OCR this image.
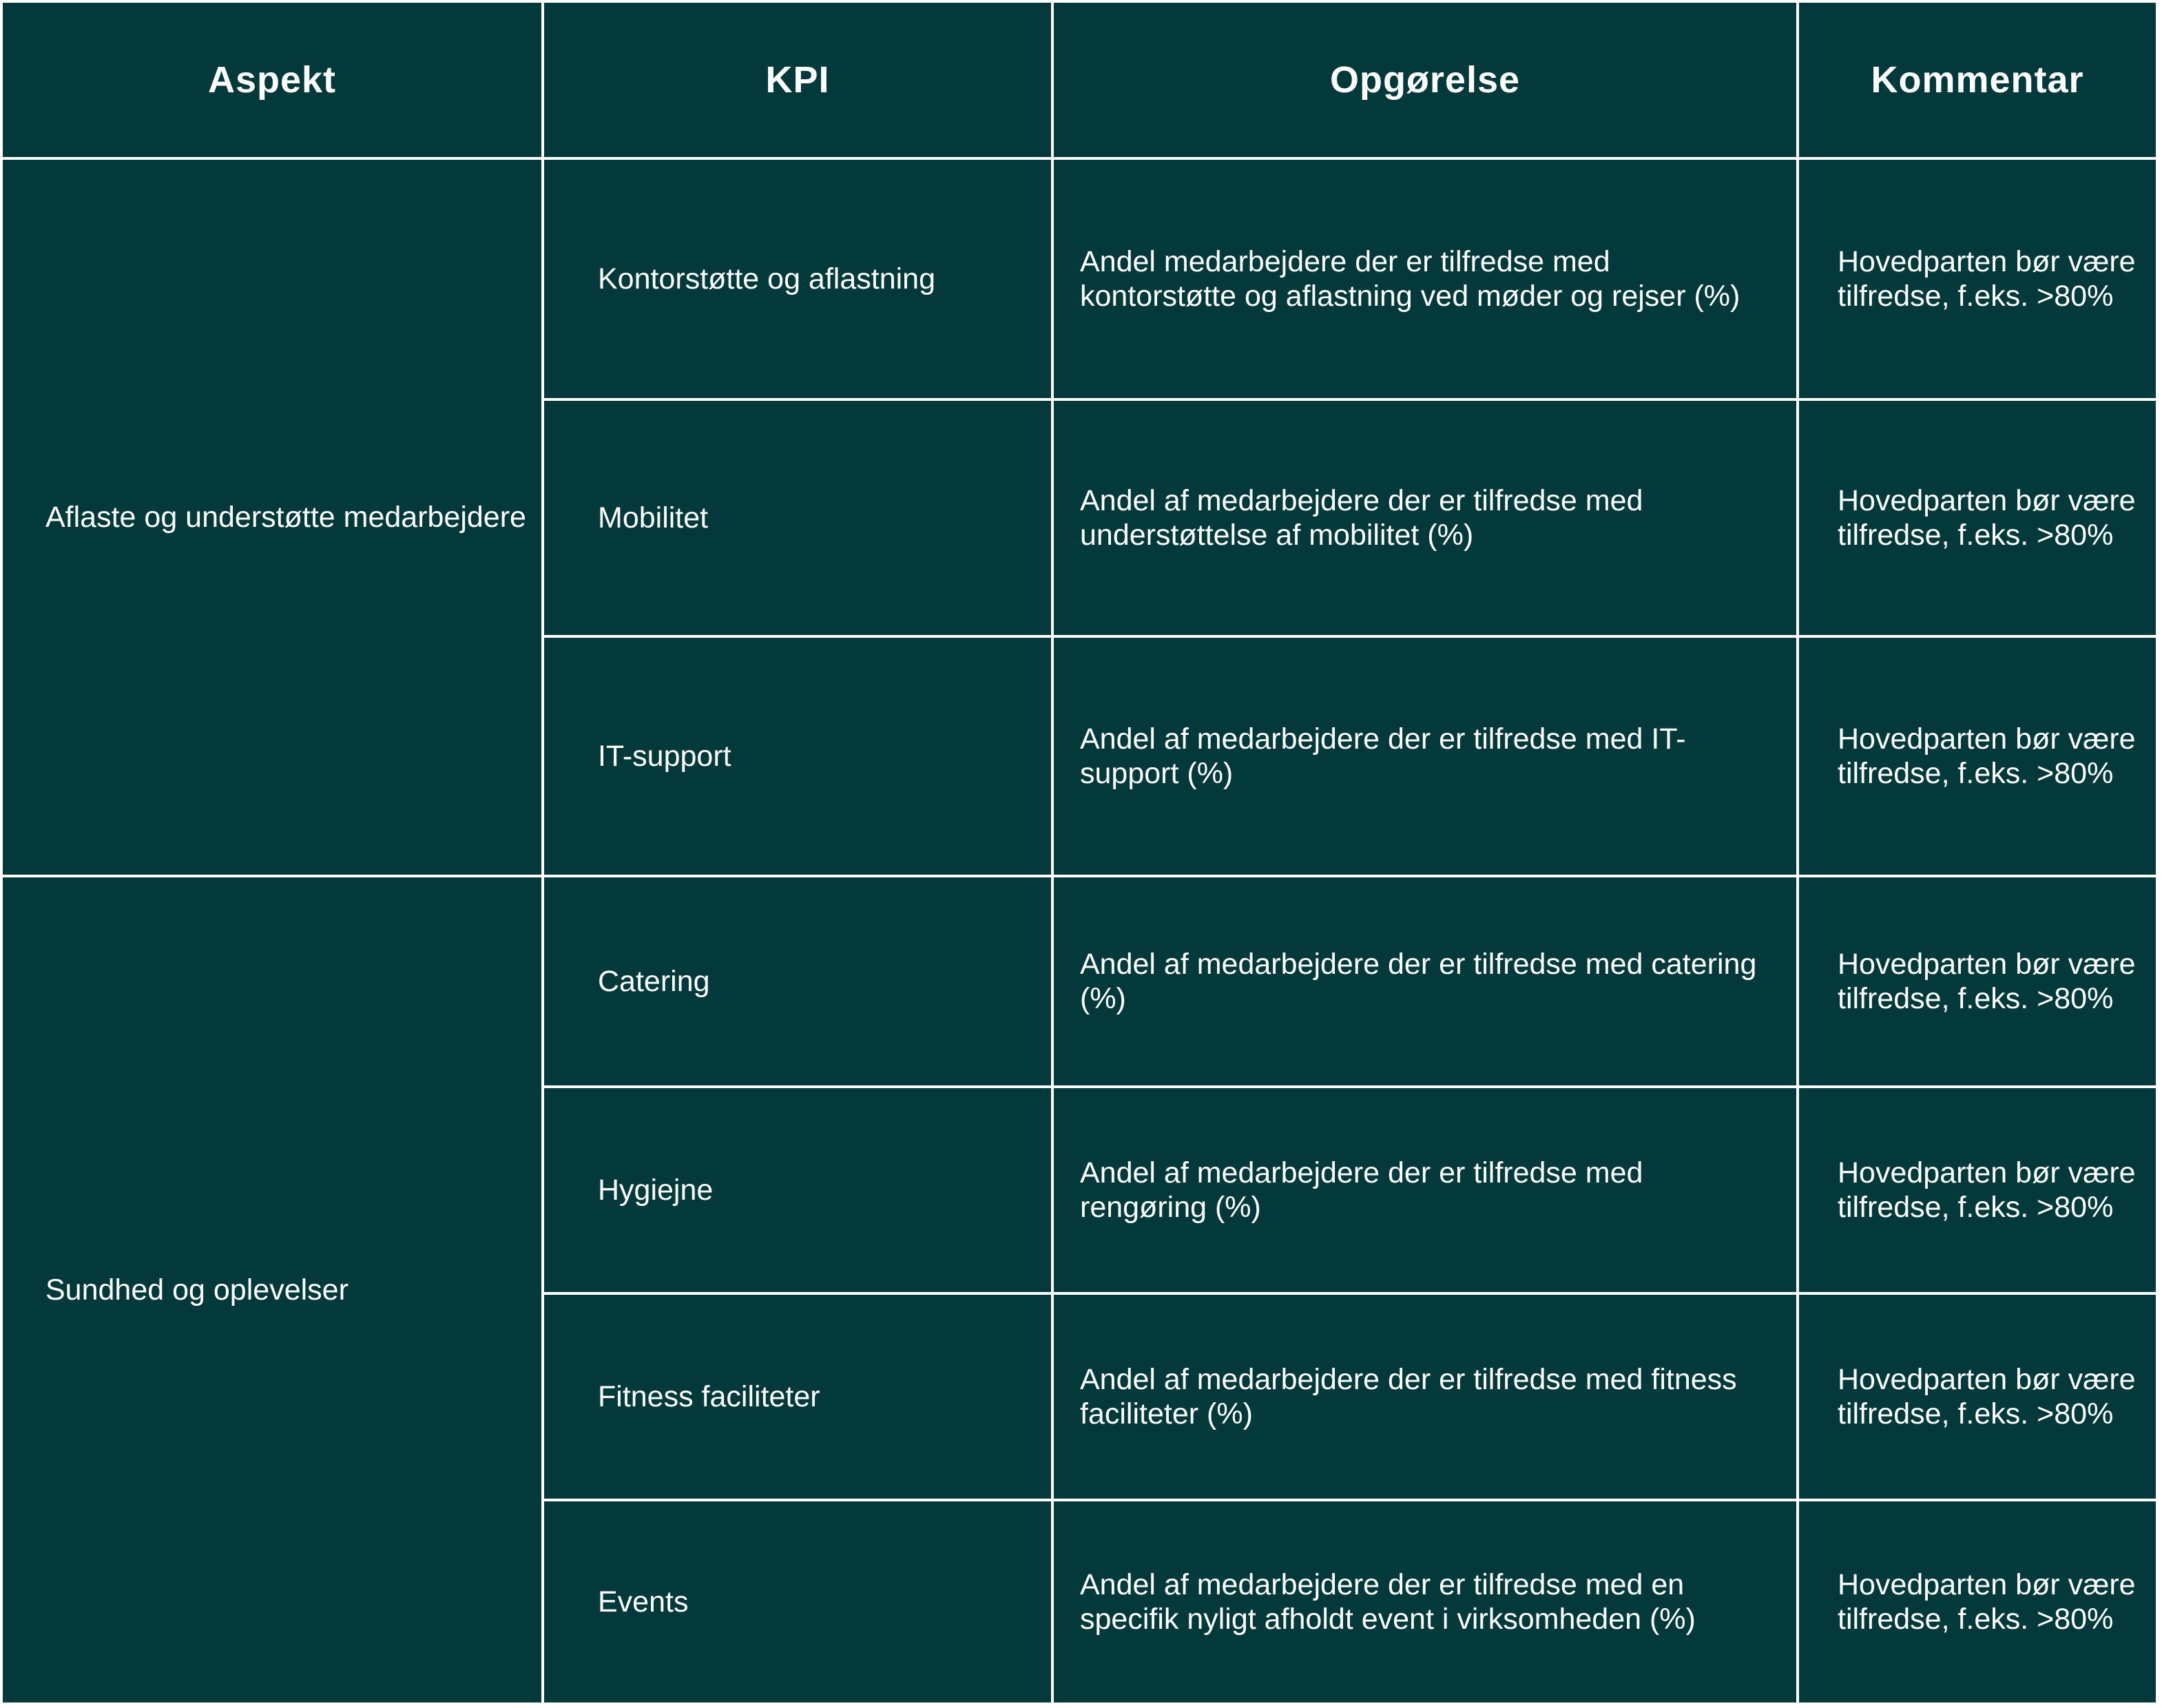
Aspekt	KPI	Opgørelse	Kommentar
Aflaste og understøtte medarbejdere	Kontorstøtte og aflastning	Andel medarbejdere der er tilfredse med kontorstøtte og aflastning ved møder og rejser (%)	Hovedparten bør være tilfredse, f.eks. >80%
	Mobilitet	Andel af medarbejdere der er tilfredse med understøttelse af mobilitet (%)	Hovedparten bør være tilfredse, f.eks. >80%
	IT-support	Andel af medarbejdere der er tilfredse med IT-support (%)	Hovedparten bør være tilfredse, f.eks. >80%
Sundhed og oplevelser	Catering	Andel af medarbejdere der er tilfredse med catering (%)	Hovedparten bør være tilfredse, f.eks. >80%
	Hygiejne	Andel af medarbejdere der er tilfredse med rengøring (%)	Hovedparten bør være tilfredse, f.eks. >80%
	Fitness faciliteter	Andel af medarbejdere der er tilfredse med fitness faciliteter (%)	Hovedparten bør være tilfredse, f.eks. >80%
	Events	Andel af medarbejdere der er tilfredse med en specifik nyligt afholdt event i virksomheden (%)	Hovedparten bør være tilfredse, f.eks. >80%
